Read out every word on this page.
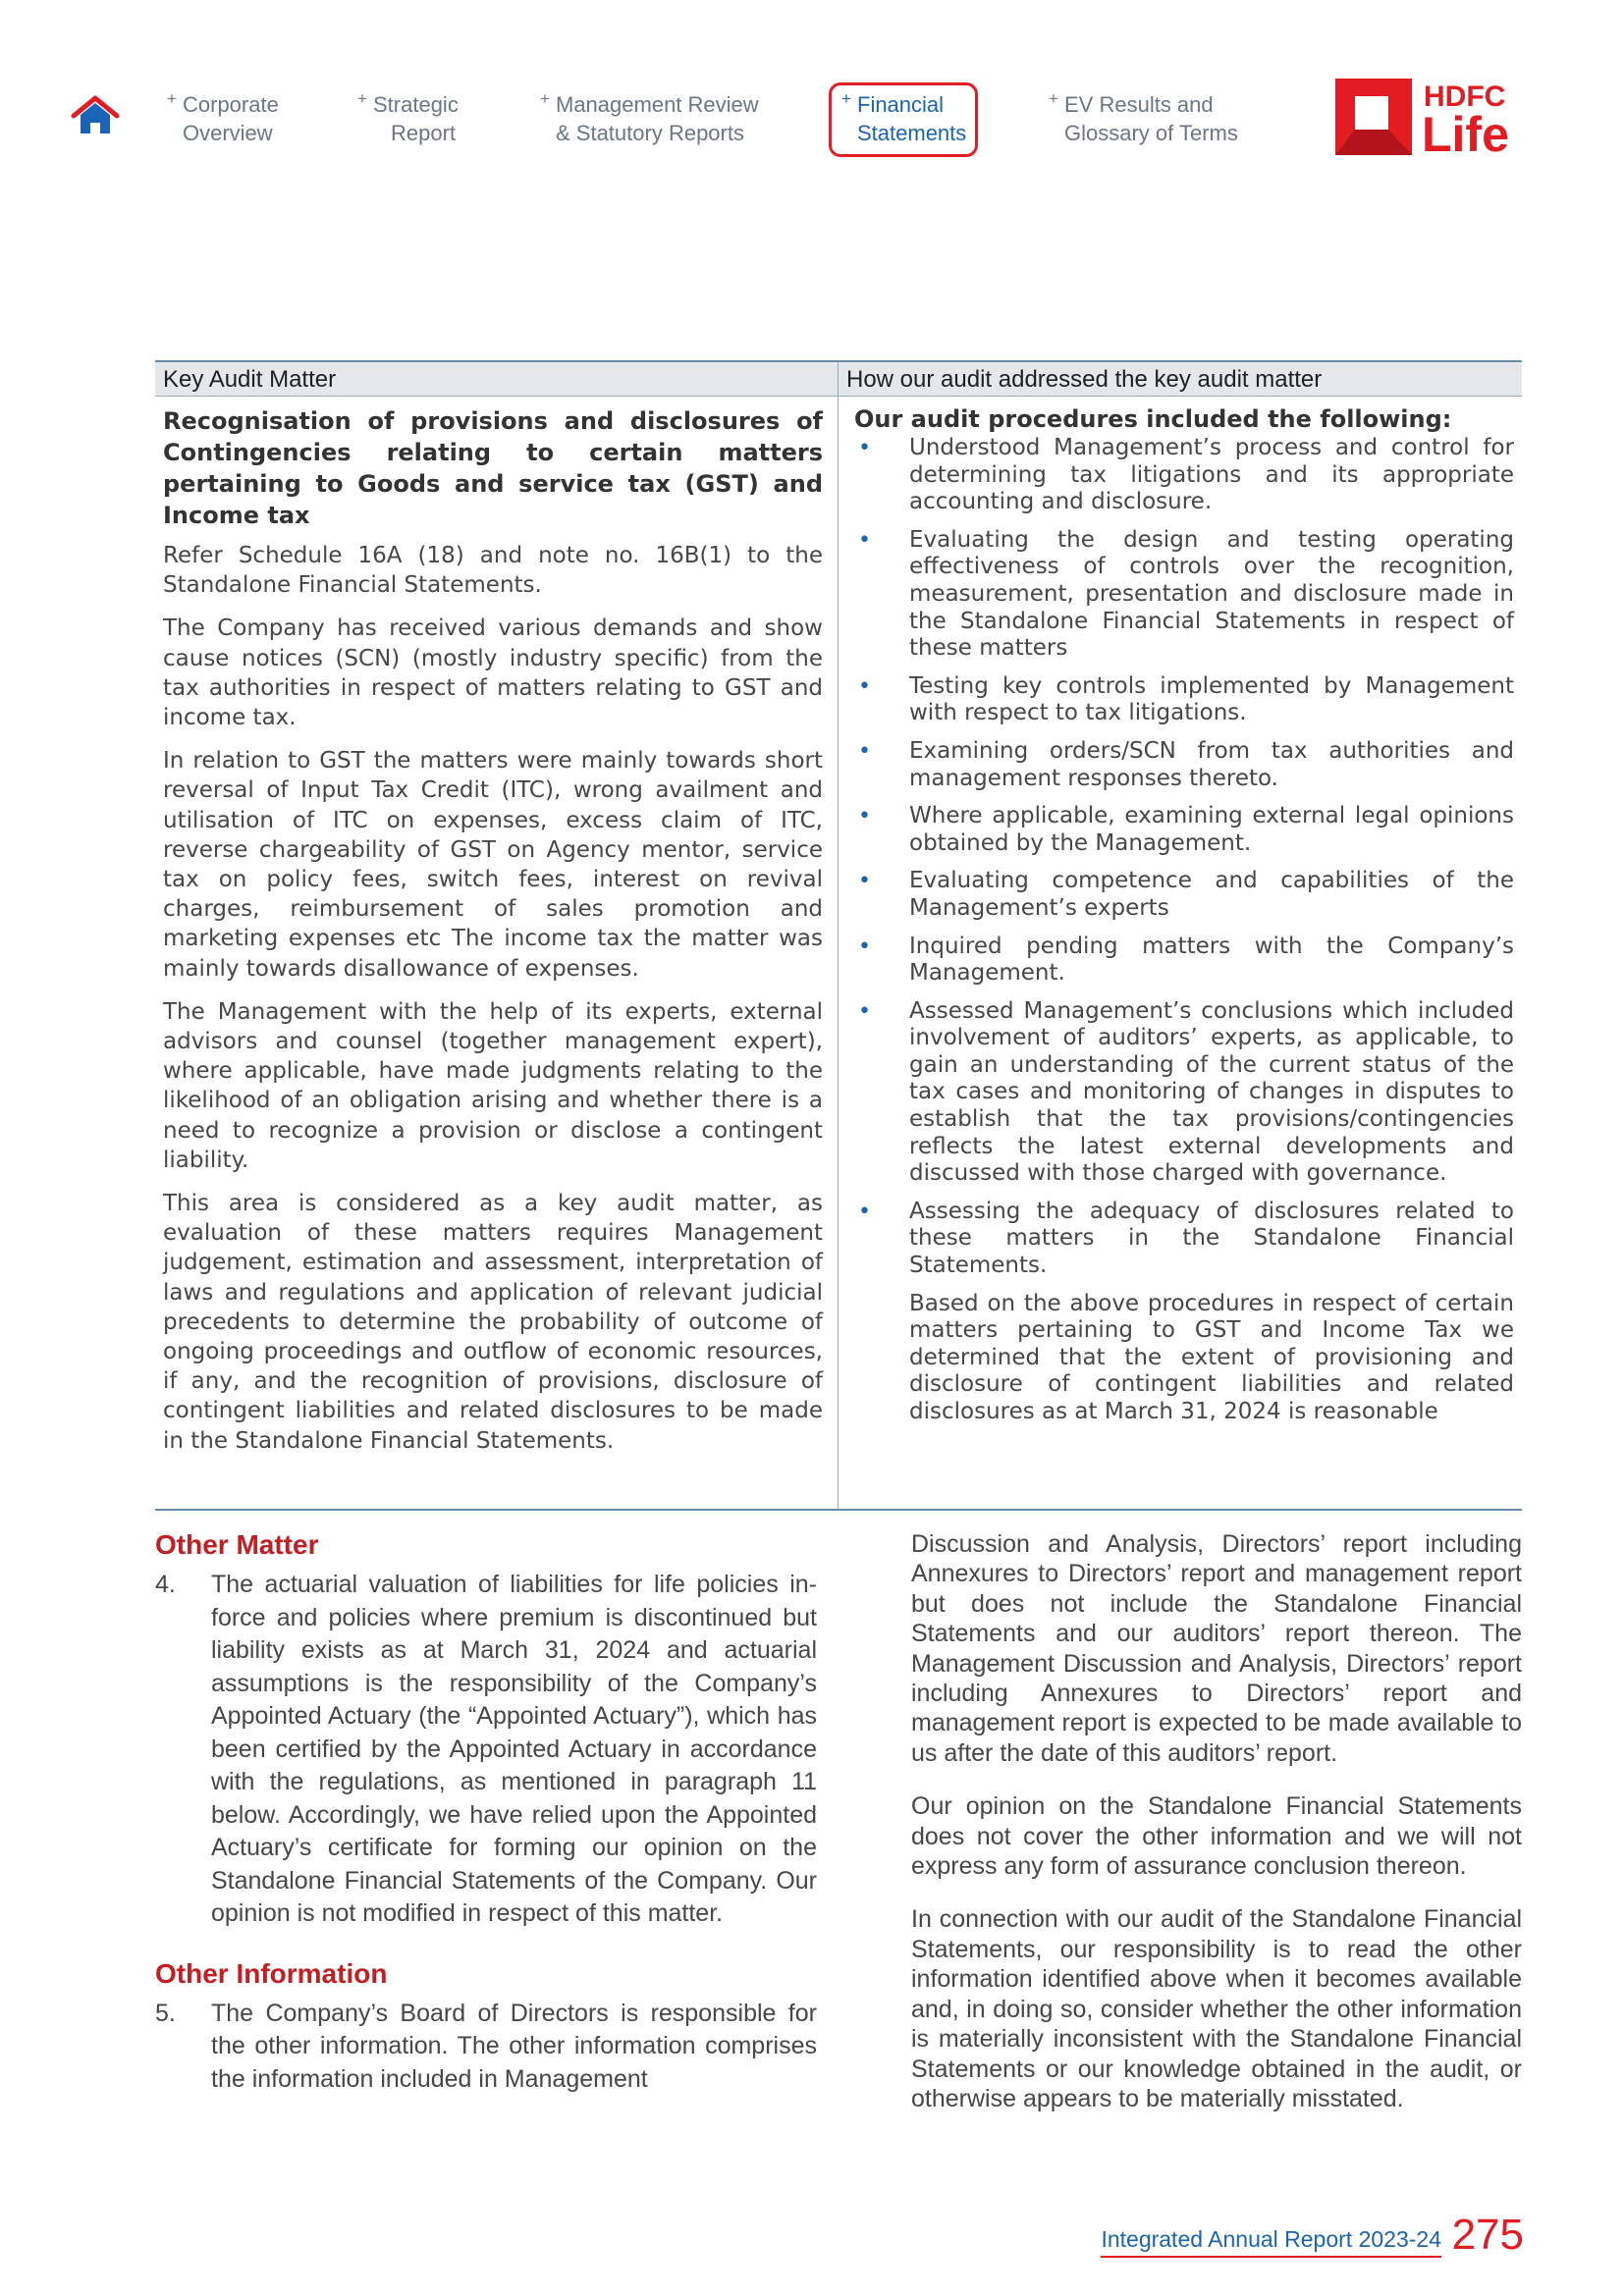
+ Corporate
Overview
+ Strategic
Report
+ Management Review
& Statutory Reports
+ Financial
Statements
+ EV Results and
Glossary of Terms
HDFC
Life
Key Audit Matter	How our audit addressed the key audit matter

Recognisation of provisions and disclosures of Contingencies relating to certain matters pertaining to Goods and service tax (GST) and Income tax

Refer Schedule 16A (18) and note no. 16B(1) to the Standalone Financial Statements.

The Company has received various demands and show cause notices (SCN) (mostly industry specific) from the tax authorities in respect of matters relating to GST and income tax.

In relation to GST the matters were mainly towards short reversal of Input Tax Credit (ITC), wrong availment and utilisation of ITC on expenses, excess claim of ITC, reverse chargeability of GST on Agency mentor, service tax on policy fees, switch fees, interest on revival charges, reimbursement of sales promotion and marketing expenses etc The income tax the matter was mainly towards disallowance of expenses.

The Management with the help of its experts, external advisors and counsel (together management expert), where applicable, have made judgments relating to the likelihood of an obligation arising and whether there is a need to recognize a provision or disclose a contingent liability.

This area is considered as a key audit matter, as evaluation of these matters requires Management judgement, estimation and assessment, interpretation of laws and regulations and application of relevant judicial precedents to determine the probability of outcome of ongoing proceedings and outflow of economic resources, if any, and the recognition of provisions, disclosure of contingent liabilities and related disclosures to be made in the Standalone Financial Statements.

Our audit procedures included the following:

• Understood Management’s process and control for determining tax litigations and its appropriate accounting and disclosure.
• Evaluating the design and testing operating effectiveness of controls over the recognition, measurement, presentation and disclosure made in the Standalone Financial Statements in respect of these matters
• Testing key controls implemented by Management with respect to tax litigations.
• Examining orders/SCN from tax authorities and management responses thereto.
• Where applicable, examining external legal opinions obtained by the Management.
• Evaluating competence and capabilities of the Management’s experts
• Inquired pending matters with the Company’s Management.
• Assessed Management’s conclusions which included involvement of auditors’ experts, as applicable, to gain an understanding of the current status of the tax cases and monitoring of changes in disputes to establish that the tax provisions/contingencies reflects the latest external developments and discussed with those charged with governance.
• Assessing the adequacy of disclosures related to these matters in the Standalone Financial Statements.

Based on the above procedures in respect of certain matters pertaining to GST and Income Tax we determined that the extent of provisioning and disclosure of contingent liabilities and related disclosures as at March 31, 2024 is reasonable

Other Matter
4. The actuarial valuation of liabilities for life policies in-force and policies where premium is discontinued but liability exists as at March 31, 2024 and actuarial assumptions is the responsibility of the Company’s Appointed Actuary (the “Appointed Actuary”), which has been certified by the Appointed Actuary in accordance with the regulations, as mentioned in paragraph 11 below. Accordingly, we have relied upon the Appointed Actuary’s certificate for forming our opinion on the Standalone Financial Statements of the Company. Our opinion is not modified in respect of this matter.

Other Information
5. The Company’s Board of Directors is responsible for the other information. The other information comprises the information included in Management

Discussion and Analysis, Directors’ report including Annexures to Directors’ report and management report but does not include the Standalone Financial Statements and our auditors’ report thereon. The Management Discussion and Analysis, Directors’ report including Annexures to Directors’ report and management report is expected to be made available to us after the date of this auditors’ report.

Our opinion on the Standalone Financial Statements does not cover the other information and we will not express any form of assurance conclusion thereon.

In connection with our audit of the Standalone Financial Statements, our responsibility is to read the other information identified above when it becomes available and, in doing so, consider whether the other information is materially inconsistent with the Standalone Financial Statements or our knowledge obtained in the audit, or otherwise appears to be materially misstated.

Integrated Annual Report 2023-24 275
